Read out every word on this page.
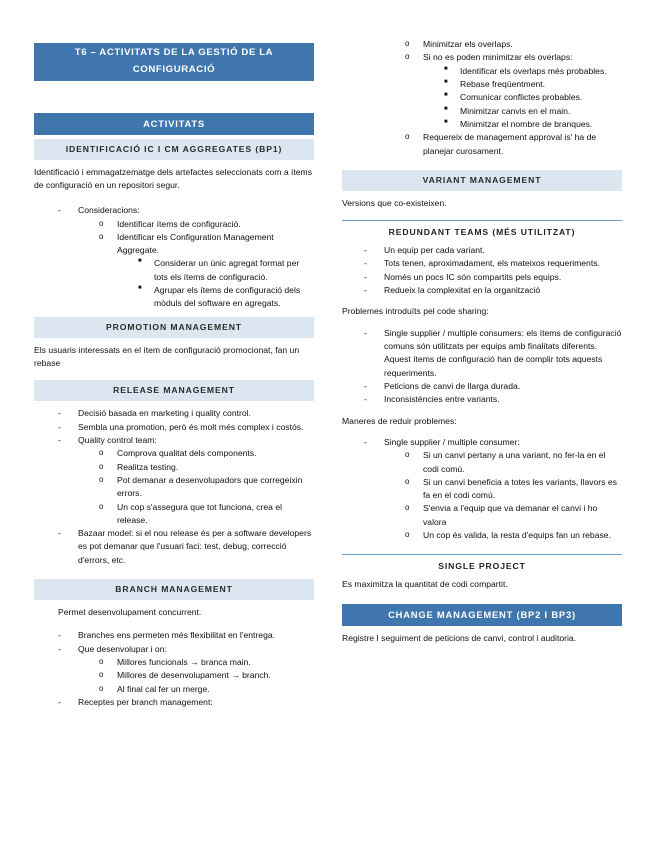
T6 – ACTIVITATS DE LA GESTIÓ DE LA CONFIGURACIÓ
ACTIVITATS
IDENTIFICACIÓ IC I CM AGGREGATES (BP1)
Identificació i emmagatzematge dels artefactes seleccionats com a ítems de configuració en un repositori segur.
- Consideracions:
o Identificar ítems de configuració.
o Identificar els Configuration Management Aggregate.
■ Considerar un únic agregat format per tots els ítems de configuració.
■ Agrupar els ítems de configuració dels mòduls del software en agregats.
PROMOTION MANAGEMENT
Els usuaris interessats en el ítem de configuració promocionat, fan un rebase
RELEASE MANAGEMENT
- Decisió basada en marketing i quality control.
- Sembla una promotion, però és molt més complex i costós.
- Quality control team:
o Comprova qualitat dels components.
o Realitza testing.
o Pot demanar a desenvolupadors que corregeixin errors.
o Un cop s'assegura que tot funciona, crea el release.
- Bazaar model: si el nou release és per a software developers es pot demanar que l'usuari faci: test, debug, correcció d'errors, etc.
BRANCH MANAGEMENT
Permet desenvolupament concurrent.
- Branches ens permeten més flexibilitat en l'entrega.
- Que desenvolupar i on:
o Millores funcionals → branca main.
o Millores de desenvolupament → branch.
o Al final cal fer un merge.
- Receptes per branch management:
o Minimitzar els overlaps.
o Si no es poden minimitzar els overlaps:
■ Identificar els overlaps més probables.
■ Rebase freqüentment.
■ Comunicar conflictes probables.
■ Minimitzar canvis en el main.
■ Minimitzar el nombre de branques.
o Requereix de management approval is' ha de planejar curosament.
VARIANT MANAGEMENT
Versions que co-existeixen.
REDUNDANT TEAMS (MÉS UTILITZAT)
- Un equip per cada variant.
- Tots tenen, aproximadament, els mateixos requeriments.
- Només un pocs IC són compartits pels equips.
- Redueix la complexitat en la organització
Problemes introduïts pel code sharing:
- Single supplier / multiple consumers: els ítems de configuració comuns són utilitzats per equips amb finalitats diferents. Aquest ítems de configuració han de complir tots aquests requeriments.
- Peticions de canvi de llarga durada.
- Inconsistències entre variants.
Maneres de reduir problemes:
- Single supplier / multiple consumer:
o Si un canvi pertany a una variant, no fer-la en el codi comú.
o Si un canvi beneficia a totes les variants, llavors es fa en el codi comú.
o S'envia a l'equip que va demanar el canvi i ho valora
o Un cop és valida, la resta d'equips fan un rebase.
SINGLE PROJECT
Es maximitza la quantitat de codi compartit.
CHANGE MANAGEMENT (BP2 I BP3)
Registre I seguiment de peticions de canvi, control i auditoria.
